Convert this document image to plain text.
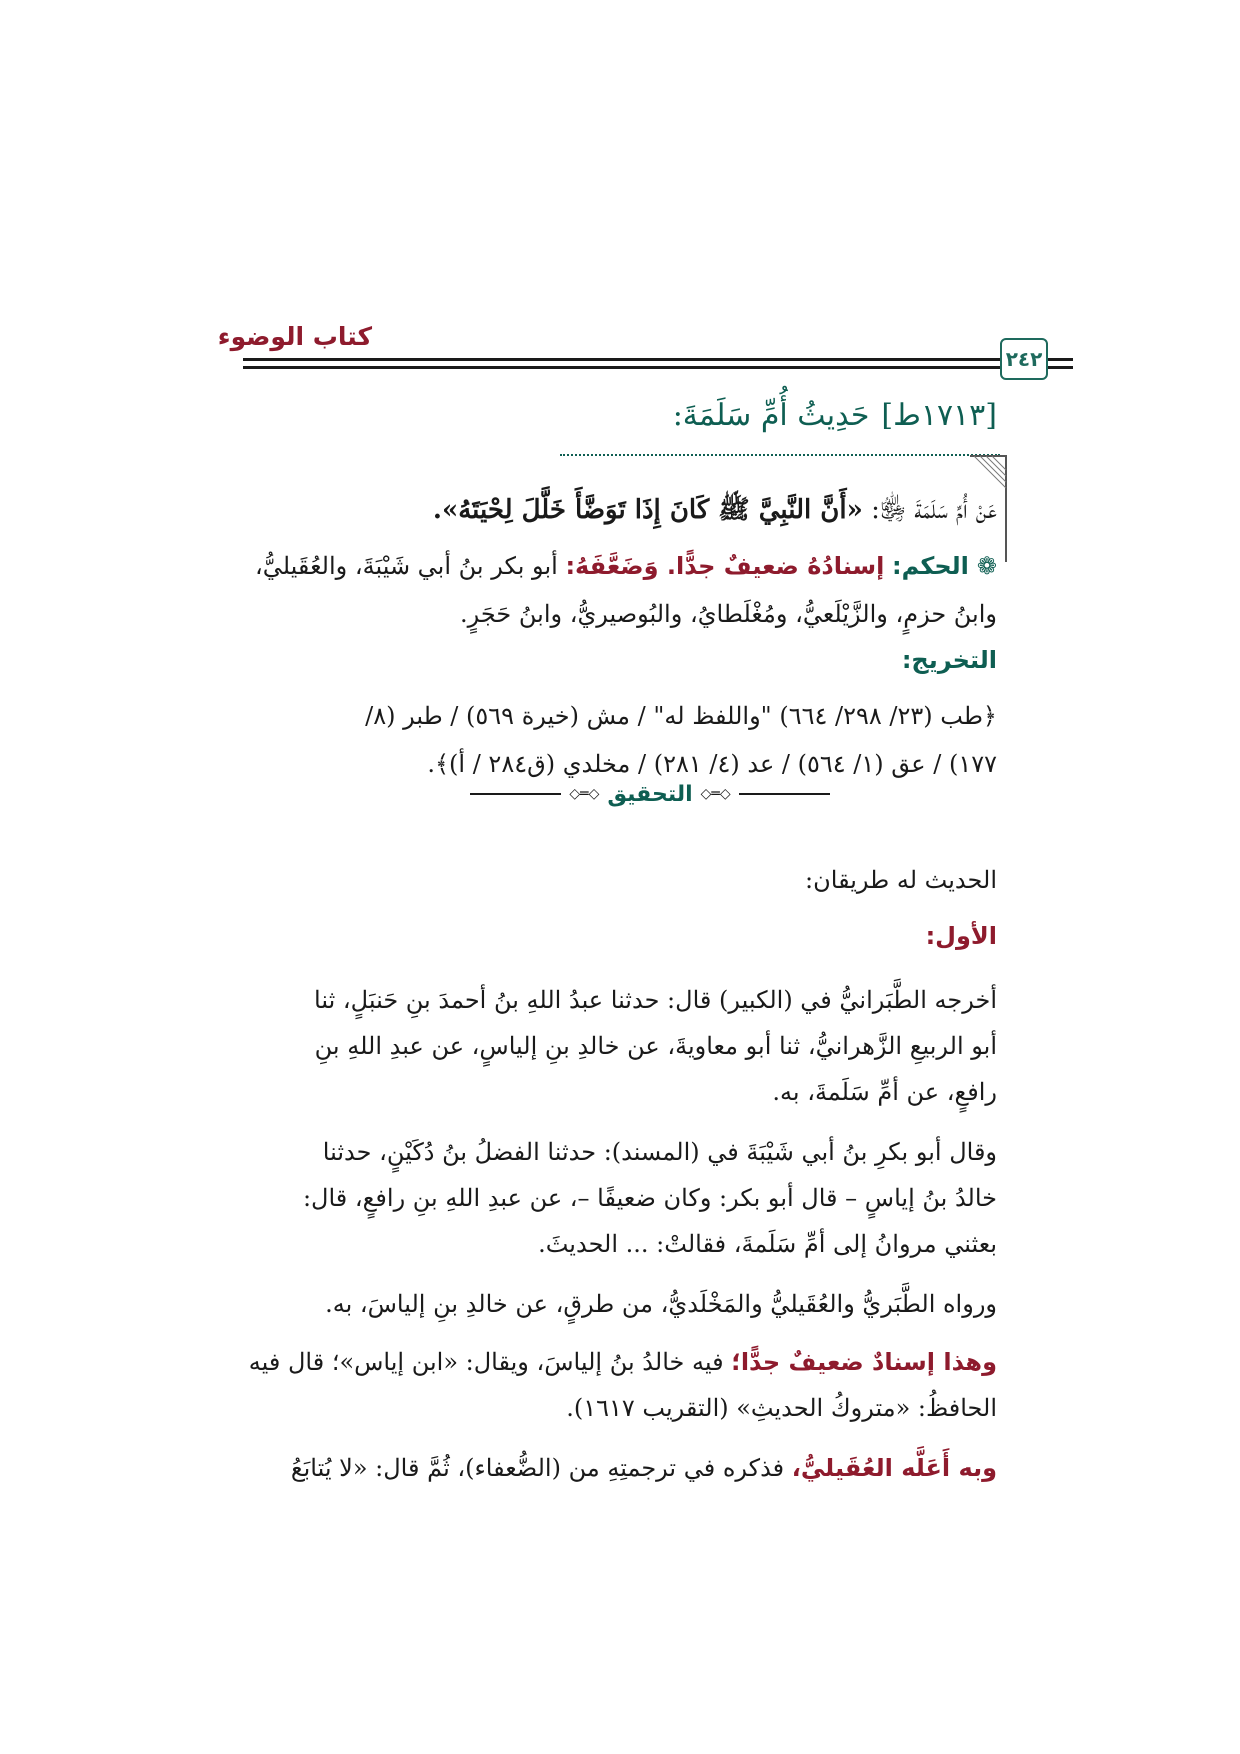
كتاب الوضوء
٢٤٢
[١٧١٣ط]حَدِيثُ أُمِّ سَلَمَةَ:
عَنْ أُمِّ سَلَمَةَ ﵂: «أَنَّ النَّبِيَّ ﷺ كَانَ إِذَا تَوَضَّأَ خَلَّلَ لِحْيَتَهُ».
❁الحكم: إسنادُهُ ضعيفٌ جدًّا. وَضَعَّفَهُ: أبو بكر بنُ أبي شَيْبَةَ، والعُقَيليُّ،
وابنُ حزمٍ، والزَّيْلَعيُّ، ومُغْلَطايُ، والبُوصيريُّ، وابنُ حَجَرٍ.
التخريج:
﴿طب (٢٣/ ٢٩٨/ ٦٦٤) "واللفظ له" / مش (خيرة ٥٦٩) / طبر (٨/
١٧٧) / عق (١/ ٥٦٤) / عد (٤/ ٢٨١) / مخلدي (ق٢٨٤ / أ)﴾.
◇═◇
التحقيق
◇═◇
الحديث له طريقان:
الأول:
أخرجه الطَّبَرانيُّ في (الكبير) قال: حدثنا عبدُ اللهِ بنُ أحمدَ بنِ حَنبَلٍ، ثنا
أبو الربيعِ الزَّهرانيُّ، ثنا أبو معاويةَ، عن خالدِ بنِ إلياسٍ، عن عبدِ اللهِ بنِ
رافعٍ، عن أمِّ سَلَمةَ، به.
وقال أبو بكرِ بنُ أبي شَيْبَةَ في (المسند): حدثنا الفضلُ بنُ دُكَيْنٍ، حدثنا
خالدُ بنُ إياسٍ – قال أبو بكر: وكان ضعيفًا –، عن عبدِ اللهِ بنِ رافعٍ، قال:
بعثني مروانُ إلى أمِّ سَلَمةَ، فقالتْ: ... الحديثَ.
ورواه الطَّبَريُّ والعُقَيليُّ والمَخْلَديُّ، من طرقٍ، عن خالدِ بنِ إلياسَ، به.
وهذا إسنادٌ ضعيفٌ جدًّا؛ فيه خالدُ بنُ إلياسَ، ويقال: «ابن إياس»؛ قال فيه
الحافظُ: «متروكُ الحديثِ» (التقريب ١٦١٧).
وبه أَعَلَّه العُقَيليُّ، فذكره في ترجمتِهِ من (الضُّعفاء)، ثُمَّ قال: «لا يُتابَعُ
